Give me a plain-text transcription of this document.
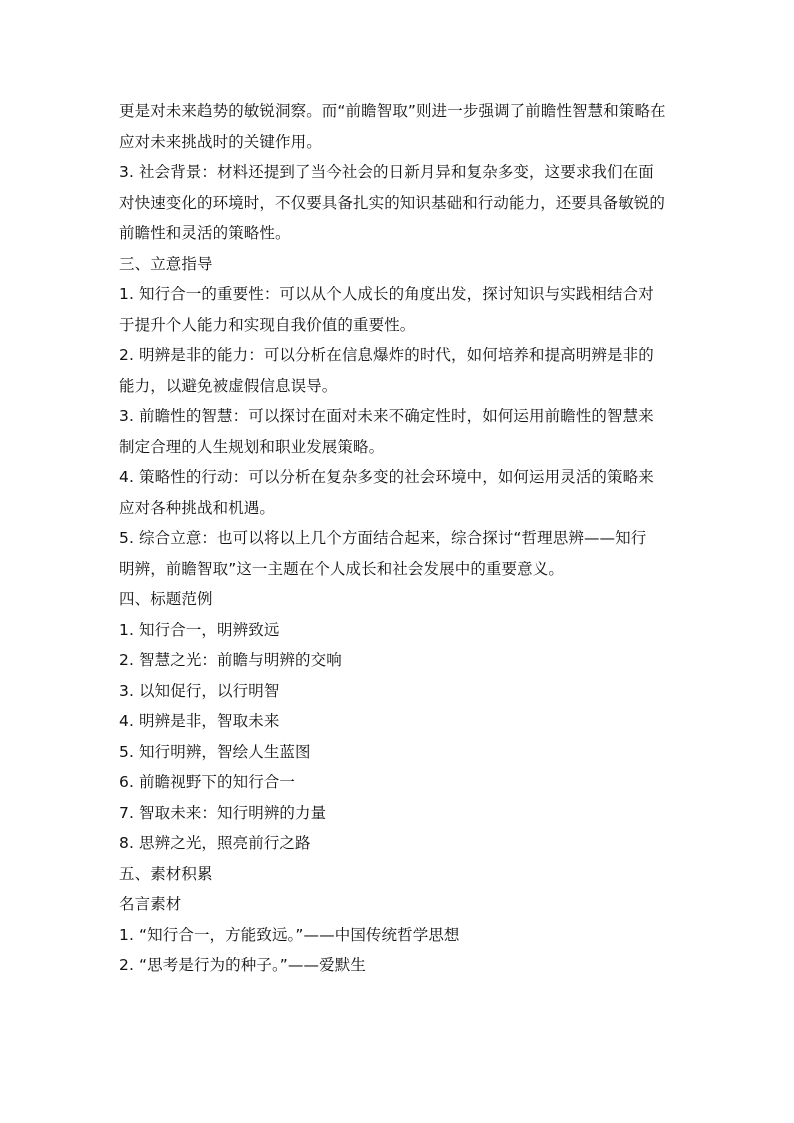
更是对未来趋势的敏锐洞察。而“前瞻智取”则进一步强调了前瞻性智慧和策略在
应对未来挑战时的关键作用。
3. 社会背景：材料还提到了当今社会的日新月异和复杂多变，这要求我们在面
对快速变化的环境时，不仅要具备扎实的知识基础和行动能力，还要具备敏锐的
前瞻性和灵活的策略性。
三、立意指导
1. 知行合一的重要性：可以从个人成长的角度出发，探讨知识与实践相结合对
于提升个人能力和实现自我价值的重要性。
2. 明辨是非的能力：可以分析在信息爆炸的时代，如何培养和提高明辨是非的
能力，以避免被虚假信息误导。
3. 前瞻性的智慧：可以探讨在面对未来不确定性时，如何运用前瞻性的智慧来
制定合理的人生规划和职业发展策略。
4. 策略性的行动：可以分析在复杂多变的社会环境中，如何运用灵活的策略来
应对各种挑战和机遇。
5. 综合立意：也可以将以上几个方面结合起来，综合探讨“哲理思辨——知行
明辨，前瞻智取”这一主题在个人成长和社会发展中的重要意义。
四、标题范例
1. 知行合一，明辨致远
2. 智慧之光：前瞻与明辨的交响
3. 以知促行，以行明智
4. 明辨是非，智取未来
5. 知行明辨，智绘人生蓝图
6. 前瞻视野下的知行合一
7. 智取未来：知行明辨的力量
8. 思辨之光，照亮前行之路
五、素材积累
名言素材
1. “知行合一，方能致远。”——中国传统哲学思想
2. “思考是行为的种子。”——爱默生
